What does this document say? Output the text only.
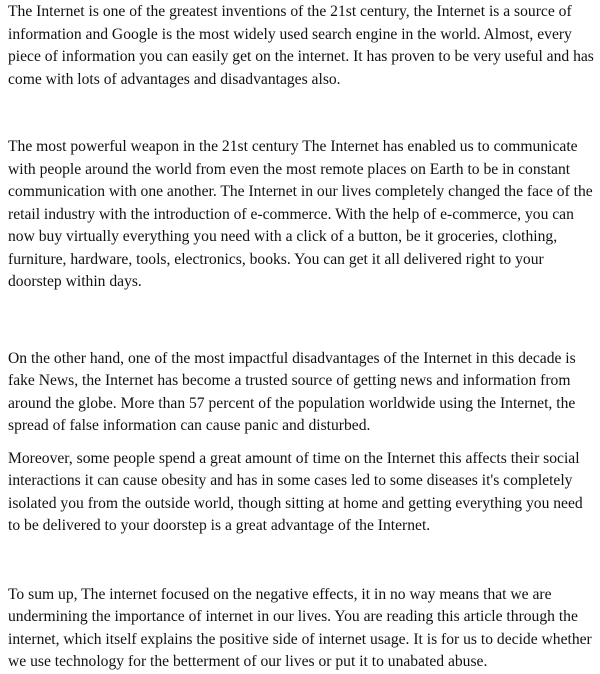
The Internet is one of the greatest inventions of the 21st century, the Internet is a source of information and Google is the most widely used search engine in the world. Almost, every piece of information you can easily get on the internet. It has proven to be very useful and has come with lots of advantages and disadvantages also.

The most powerful weapon in the 21st century The Internet has enabled us to communicate with people around the world from even the most remote places on Earth to be in constant communication with one another. The Internet in our lives completely changed the face of the retail industry with the introduction of e-commerce. With the help of e-commerce, you can now buy virtually everything you need with a click of a button, be it groceries, clothing, furniture, hardware, tools, electronics, books. You can get it all delivered right to your doorstep within days.

On the other hand, one of the most impactful disadvantages of the Internet in this decade is fake News, the Internet has become a trusted source of getting news and information from around the globe. More than 57 percent of the population worldwide using the Internet, the spread of false information can cause panic and disturbed.

Moreover, some people spend a great amount of time on the Internet this affects their social interactions it can cause obesity and has in some cases led to some diseases it's completely isolated you from the outside world, though sitting at home and getting everything you need to be delivered to your doorstep is a great advantage of the Internet.

To sum up, The internet focused on the negative effects, it in no way means that we are undermining the importance of internet in our lives. You are reading this article through the internet, which itself explains the positive side of internet usage. It is for us to decide whether we use technology for the betterment of our lives or put it to unabated abuse.
